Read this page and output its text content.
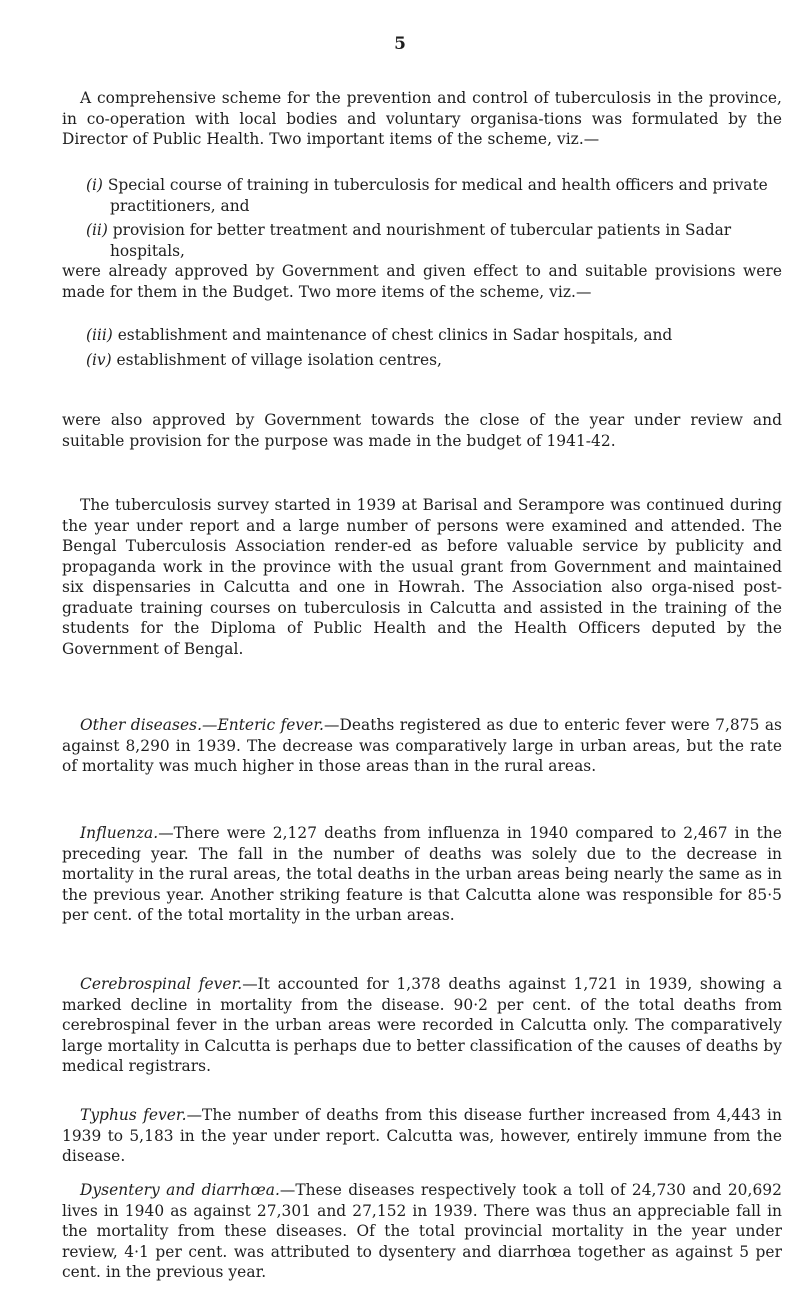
5

A comprehensive scheme for the prevention and control of tuberculosis in the province, in co-operation with local bodies and voluntary organisa-tions was formulated by the Director of Public Health. Two important items of the scheme, viz.—

(i) Special course of training in tuberculosis for medical and health officers and private practitioners, and
(ii) provision for better treatment and nourishment of tubercular patients in Sadar hospitals,

were already approved by Government and given effect to and suitable provisions were made for them in the Budget. Two more items of the scheme, viz.—

(iii) establishment and maintenance of chest clinics in Sadar hospitals, and
(iv) establishment of village isolation centres,

were also approved by Government towards the close of the year under review and suitable provision for the purpose was made in the budget of 1941-42.

The tuberculosis survey started in 1939 at Barisal and Serampore was continued during the year under report and a large number of persons were examined and attended. The Bengal Tuberculosis Association render-ed as before valuable service by publicity and propaganda work in the province with the usual grant from Government and maintained six dispensaries in Calcutta and one in Howrah. The Association also orga-nised post-graduate training courses on tuberculosis in Calcutta and assisted in the training of the students for the Diploma of Public Health and the Health Officers deputed by the Government of Bengal.

Other diseases.—Enteric fever.—Deaths registered as due to enteric fever were 7,875 as against 8,290 in 1939. The decrease was comparatively large in urban areas, but the rate of mortality was much higher in those areas than in the rural areas.

Influenza.—There were 2,127 deaths from influenza in 1940 compared to 2,467 in the preceding year. The fall in the number of deaths was solely due to the decrease in mortality in the rural areas, the total deaths in the urban areas being nearly the same as in the previous year. Another striking feature is that Calcutta alone was responsible for 85·5 per cent. of the total mortality in the urban areas.

Cerebrospinal fever.—It accounted for 1,378 deaths against 1,721 in 1939, showing a marked decline in mortality from the disease. 90·2 per cent. of the total deaths from cerebrospinal fever in the urban areas were recorded in Calcutta only. The comparatively large mortality in Calcutta is perhaps due to better classification of the causes of deaths by medical registrars.

Typhus fever.—The number of deaths from this disease further increased from 4,443 in 1939 to 5,183 in the year under report. Calcutta was, however, entirely immune from the disease.

Dysentery and diarrhœa.—These diseases respectively took a toll of 24,730 and 20,692 lives in 1940 as against 27,301 and 27,152 in 1939. There was thus an appreciable fall in the mortality from these diseases. Of the total provincial mortality in the year under review, 4·1 per cent. was attributed to dysentery and diarrhœa together as against 5 per cent. in the previous year.
